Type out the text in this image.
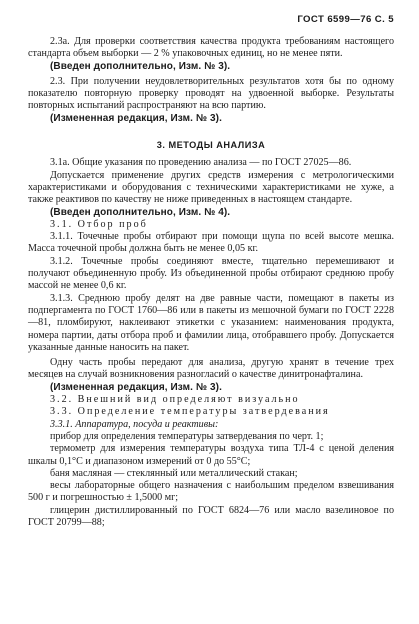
ГОСТ 6599—76 С. 5

2.3а. Для проверки соответствия качества продукта требованиям настоящего стандарта объем выборки — 2 % упаковочных единиц, но не менее пяти.

(Введен дополнительно, Изм. № 3).

2.3. При получении неудовлетворительных результатов хотя бы по одному показателю повторную проверку проводят на удвоенной выборке. Результаты повторных испытаний распространяют на всю партию.

(Измененная редакция, Изм. № 3).

3. МЕТОДЫ АНАЛИЗА

3.1а. Общие указания по проведению анализа — по ГОСТ 27025—86.

Допускается применение других средств измерения с метрологическими характеристиками и оборудования с техническими характеристиками не хуже, а также реактивов по качеству не ниже приведенных в настоящем стандарте.

(Введен дополнительно, Изм. № 4).

3.1. Отбор проб

3.1.1. Точечные пробы отбирают при помощи щупа по всей высоте мешка. Масса точечной пробы должна быть не менее 0,05 кг.

3.1.2. Точечные пробы соединяют вместе, тщательно перемешивают и получают объединенную пробу. Из объединенной пробы отбирают среднюю пробу массой не менее 0,6 кг.

3.1.3. Среднюю пробу делят на две равные части, помещают в пакеты из подпергамента по ГОСТ 1760—86 или в пакеты из мешочной бумаги по ГОСТ 2228—81, пломбируют, наклеивают этикетки с указанием: наименования продукта, номера партии, даты отбора проб и фамилии лица, отобравшего пробу. Допускается указанные данные наносить на пакет.

Одну часть пробы передают для анализа, другую хранят в течение трех месяцев на случай возникновения разногласий о качестве динитронафталина.

(Измененная редакция, Изм. № 3).

3.2. Внешний вид определяют визуально

3.3. Определение температуры затвердевания

3.3.1. Аппаратура, посуда и реактивы:

прибор для определения температуры затвердевания по черт. 1;

термометр для измерения температуры воздуха типа ТЛ-4 с ценой деления шкалы 0,1°С и диапазоном измерений от 0 до 55°С;

баня масляная — стеклянный или металлический стакан;

весы лабораторные общего назначения с наибольшим пределом взвешивания 500 г и погрешностью ± 1,5000 мг;

глицерин дистиллированный по ГОСТ 6824—76 или масло вазелиновое по ГОСТ 20799—88;
